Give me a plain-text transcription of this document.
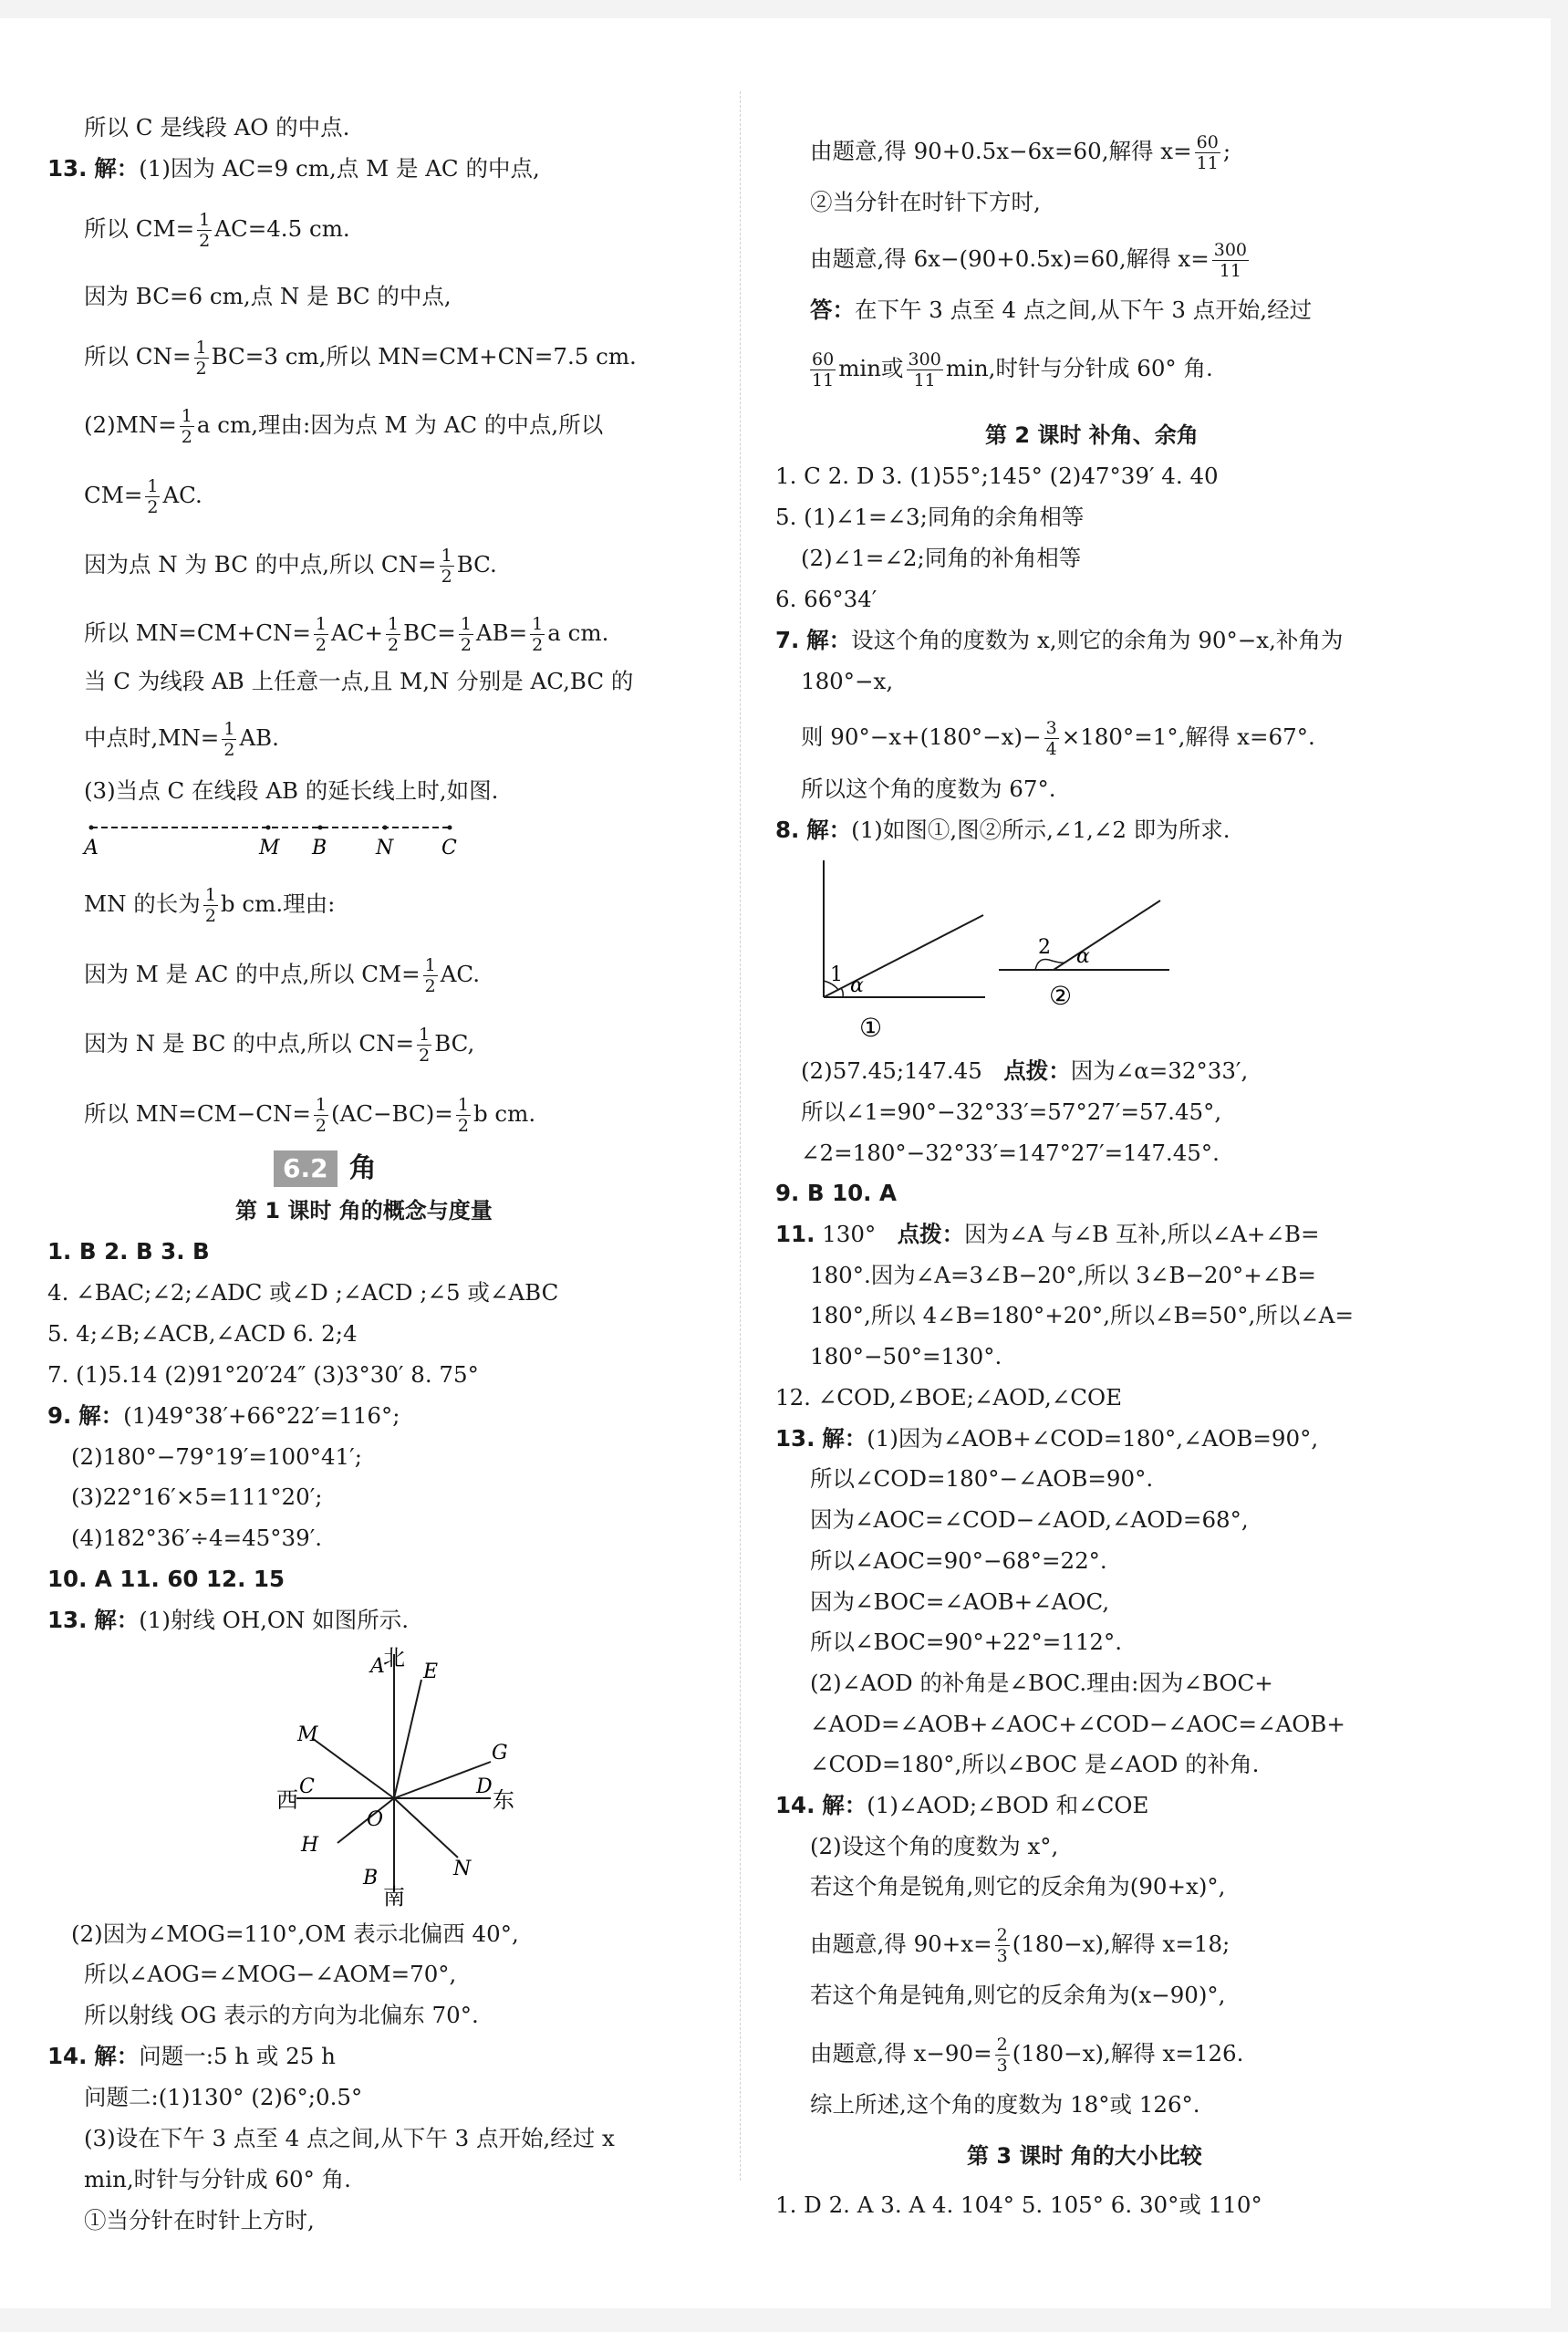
所以 C 是线段 AO 的中点.
13. 解：(1)因为 AC=9 cm,点 M 是 AC 的中点,
所以 $CM= \frac{1}{2} AC=4.5$ cm.
因为 BC=6 cm,点 N 是 BC 的中点,
所以 $CN= \frac{1}{2} BC=3$ cm,所以 MN=CM+CN=7.5 cm.
$(2)MN= \frac{1}{2}$ a cm,理由:因为点 M 为 AC 的中点,所以
$CM= \frac{1}{2}$ AC.
因为点 N 为 BC 的中点,所以 $CN= \frac{1}{2}$ BC.
所以 $MN=CM+CN= \frac{1}{2} AC+ \frac{1}{2} BC= \frac{1}{2} AB= \frac{1}{2}$ a cm.
当 C 为线段 AB 上任意一点,且 M,N 分别是 AC,BC 的
中点时$,MN= \frac{1}{2}$ AB.
(3)当点 C 在线段 AB 的延长线上时,如图.
A	M B N C
MN 的长为 $\frac{1}{2}$ b cm.理由:
因为 M 是 AC 的中点,所以 $CM= \frac{1}{2}$ AC.
因为 N 是 BC 的中点,所以 $CN= \frac{1}{2}$ BC,
所以 $MN=CM-CN= \frac{1}{2} (AC-BC)= \frac{1}{2}$ b cm.
6.2 角
第 1 课时 角的概念与度量
1. B 2. B 3. B
4. ∠BAC;∠2;∠ADC 或∠D ;∠ACD ;∠5 或∠ABC
5. 4;∠B;∠ACB,∠ACD 6. 2;4
7. (1)5.14 (2)91°20′24″ (3)3°30′ 8. 75°
9. 解：(1)49°38′+66°22′=116°;
(2)180°−79°19′=100°41′;
(3)22°16′×5=111°20′;
(4)182°36′÷4=45°39′.
10. A 11. 60 12. 15
13. 解：(1)射线 OH,ON 如图所示.
A
北
E
M
G
C
西
D
东
O
H
N
B
南
(2)因为∠MOG=110°,OM 表示北偏西 40°,
所以∠AOG=∠MOG−∠AOM=70°,
所以射线 OG 表示的方向为北偏东 70°.
14. 解：问题一:5 h 或 25 h
问题二:(1)130° (2)6°;0.5°
(3)设在下午 3 点至 4 点之间,从下午 3 点开始,经过 x
min,时针与分针成 60° 角.
①当分针在时针上方时,
由题意,得 90+0.5x−6x=60,解得 $x= \frac{60}{11}$ ;
②当分针在时针下方时,
由题意,得 6x−(90+0.5x)=60,解得 $x= \frac{300}{11}$
答：在下午 3 点至 4 点之间,从下午 3 点开始,经过
$\frac{60}{11}$ min或 $\frac{300}{11} \min$,时针与分针成 60° 角.
第 2 课时 补角、余角
1. C 2. D 3. (1)55°;145° (2)47°39′ 4. 40
5. (1)∠1=∠3;同角的余角相等
(2)∠1=∠2;同角的补角相等
6. 66°34′
7. 解：设这个角的度数为 x,则它的余角为 90°−x,补角为
180°−x,
则 $90^\circ-x+(180^\circ-x)- \frac{3}{4} \times 180^\circ=1^\circ$,解得 x=67°.
所以这个角的度数为 67°.
8. 解：(1)如图①,图②所示,∠1,∠2 即为所求.
1 α
①
2 α
②
(2)57.45;147.45 点拨：因为∠α=32°33′,
所以∠1=90°−32°33′=57°27′=57.45°,
∠2=180°−32°33′=147°27′=147.45°.
9. B 10. A
11. 130° 点拨：因为∠A 与∠B 互补,所以∠A+∠B=
180°.因为∠A=3∠B−20°,所以 3∠B−20°+∠B=
180°,所以 4∠B=180°+20°,所以∠B=50°,所以∠A=
180°−50°=130°.
12. ∠COD,∠BOE;∠AOD,∠COE
13. 解：(1)因为∠AOB+∠COD=180°,∠AOB=90°,
所以∠COD=180°−∠AOB=90°.
因为∠AOC=∠COD−∠AOD,∠AOD=68°,
所以∠AOC=90°−68°=22°.
因为∠BOC=∠AOB+∠AOC,
所以∠BOC=90°+22°=112°.
(2)∠AOD 的补角是∠BOC.理由:因为∠BOC+
∠AOD=∠AOB+∠AOC+∠COD−∠AOC=∠AOB+
∠COD=180°,所以∠BOC 是∠AOD 的补角.
14. 解：(1)∠AOD;∠BOD 和∠COE
(2)设这个角的度数为 x°,
若这个角是锐角,则它的反余角为(90+x)°,
由题意,得 $90+x= \frac{2}{3} (180-x)$,解得 x=18;
若这个角是钝角,则它的反余角为(x−90)°,
由题意,得 $x-90= \frac{2}{3} (180-x)$,解得 x=126.
综上所述,这个角的度数为 18°或 126°.
第 3 课时 角的大小比较
1. D 2. A 3. A 4. 104° 5. 105° 6. 30°或 110°
